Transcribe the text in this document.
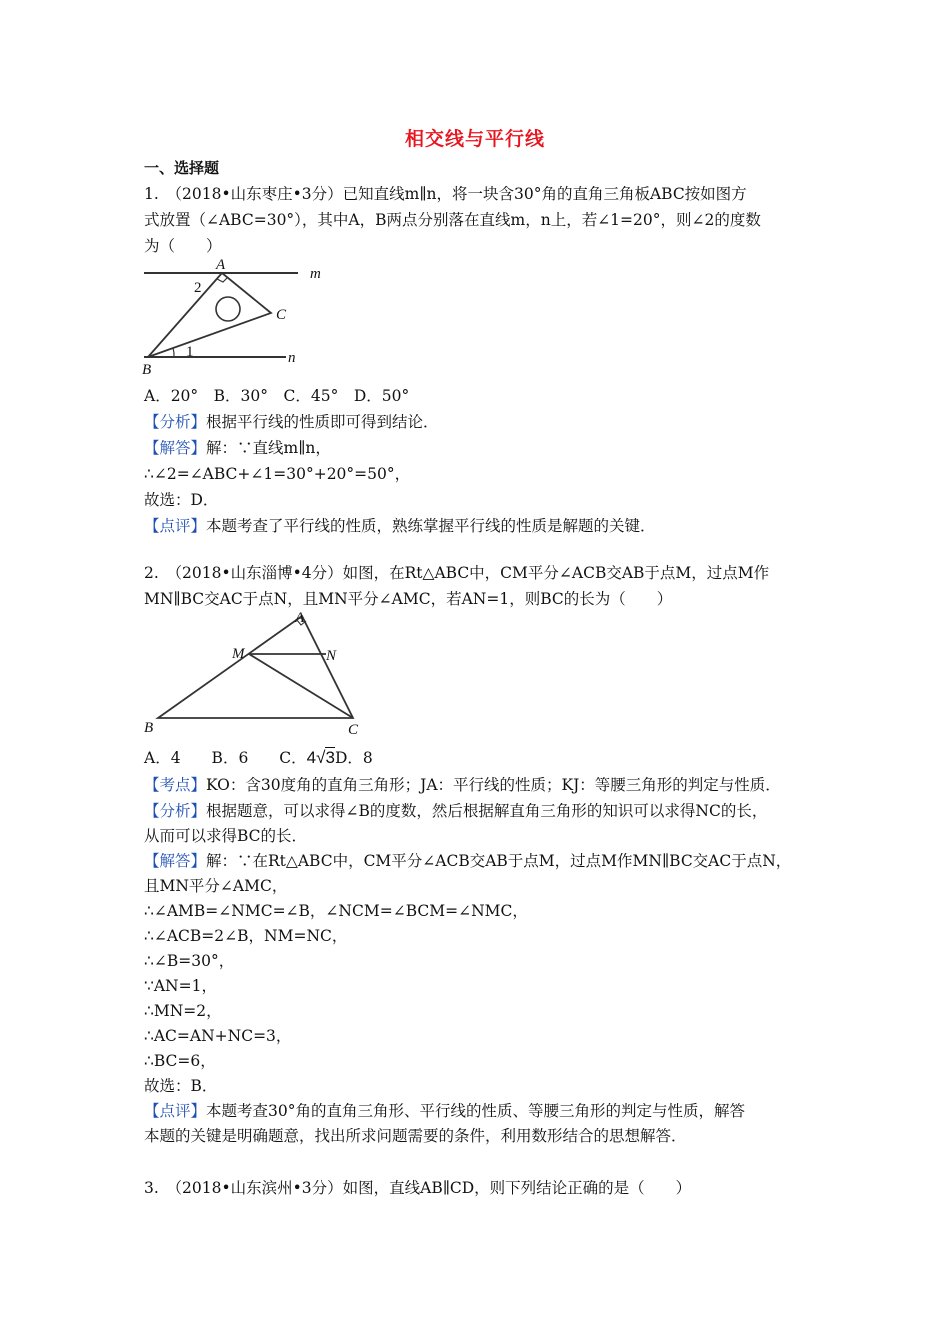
相交线与平行线
一、选择题
1.　（2018•山东枣庄•3分）已知直线m∥n，将一块含30°角的直角三角板ABC按如图方
式放置（∠ABC=30°），其中A，B两点分别落在直线m，n上，若∠1=20°，则∠2的度数
为（　　）
A
2
C
m
1	n
B
A．20°　B．30°　C．45°　D．50°
【分析】根据平行线的性质即可得到结论．
【解答】解：∵直线m∥n，
∴∠2=∠ABC+∠1=30°+20°=50°，
故选：D．
【点评】本题考查了平行线的性质，熟练掌握平行线的性质是解题的关键．
2.　（2018•山东淄博•4分）如图，在Rt△ABC中，CM平分∠ACB交AB于点M，过点M作
MN∥BC交AC于点N，且MN平分∠AMC，若AN=1，则BC的长为（　　）
A
M	N
B	C
A．4　　B．6　　C．4√3D．8
【考点】KO：含30度角的直角三角形；JA：平行线的性质；KJ：等腰三角形的判定与性质．
【分析】根据题意，可以求得∠B的度数，然后根据解直角三角形的知识可以求得NC的长，
从而可以求得BC的长．
【解答】解：∵在Rt△ABC中，CM平分∠ACB交AB于点M，过点M作MN∥BC交AC于点N，
且MN平分∠AMC，
∴∠AMB=∠NMC=∠B，∠NCM=∠BCM=∠NMC，
∴∠ACB=2∠B，NM=NC，
∴∠B=30°，
∵AN=1，
∴MN=2，
∴AC=AN+NC=3，
∴BC=6，
故选：B．
【点评】本题考查30°角的直角三角形、平行线的性质、等腰三角形的判定与性质，解答
本题的关键是明确题意，找出所求问题需要的条件，利用数形结合的思想解答．
3.　（2018•山东滨州•3分）如图，直线AB∥CD，则下列结论正确的是（　　）
